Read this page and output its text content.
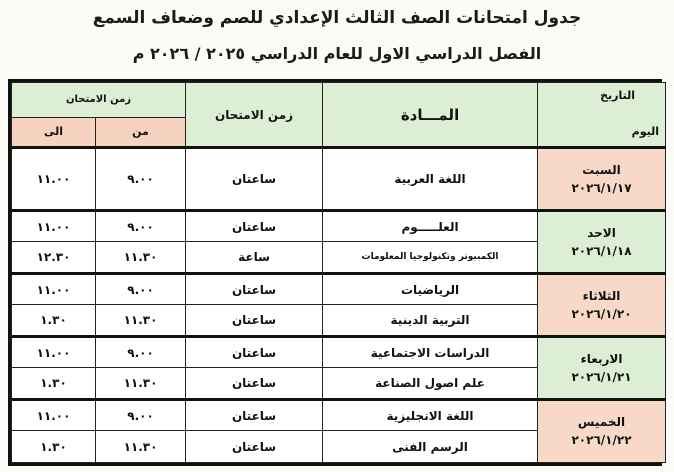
جدول امتحانات الصف الثالث الإعدادي للصم وضعاف السمع
الفصل الدراسي الاول للعام الدراسي ٢٠٢٥ / ٢٠٢٦ م
التاريخ
اليوم	المـــادة	زمن الامتحان	زمن الامتحان	
			من	الى

السبت
٢٠٢٦/١/١٧	اللغة العربية	ساعتان	٩.٠٠	١١.٠٠

الاحد
٢٠٢٦/١/١٨	العلـــــوم	ساعتان	٩.٠٠	١١.٠٠
	الكمبيوتر وتكنولوجيا المعلومات	ساعة	١١.٣٠	١٢.٣٠

الثلاثاء
٢٠٢٦/١/٢٠	الرياضيات	ساعتان	٩.٠٠	١١.٠٠
	التربية الدينية	ساعتان	١١.٣٠	١.٣٠

الاربعاء
٢٠٢٦/١/٢١	الدراسات الاجتماعية	ساعتان	٩.٠٠	١١.٠٠
	علم اصول الصناعة	ساعتان	١١.٣٠	١.٣٠

الخميس
٢٠٢٦/١/٢٢	اللغة الانجليزية	ساعتان	٩.٠٠	١١.٠٠
	الرسم الفنى	ساعتان	١١.٣٠	١.٣٠
